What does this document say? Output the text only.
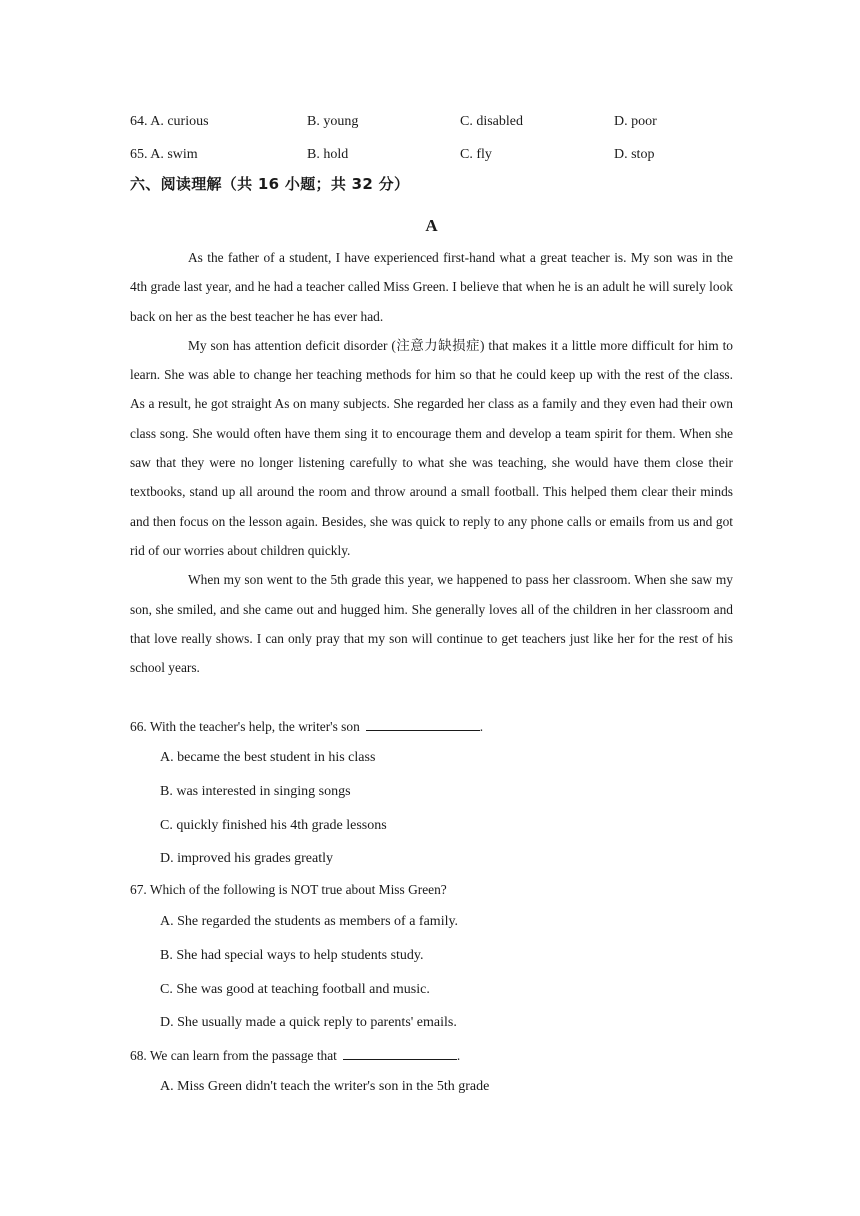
64. A. curious	B. young	C. disabled	D. poor
65. A. swim	B. hold	C. fly	D. stop
六、阅读理解（共 16 小题；共 32 分）
A

As the father of a student, I have experienced first-hand what a great teacher is. My son was in the 4th grade last year, and he had a teacher called Miss Green. I believe that when he is an adult he will surely look back on her as the best teacher he has ever had.

My son has attention deficit disorder (注意力缺损症) that makes it a little more difficult for him to learn. She was able to change her teaching methods for him so that he could keep up with the rest of the class. As a result, he got straight As on many subjects. She regarded her class as a family and they even had their own class song. She would often have them sing it to encourage them and develop a team spirit for them. When she saw that they were no longer listening carefully to what she was teaching, she would have them close their textbooks, stand up all around the room and throw around a small football. This helped them clear their minds and then focus on the lesson again. Besides, she was quick to reply to any phone calls or emails from us and got rid of our worries about children quickly.

When my son went to the 5th grade this year, we happened to pass her classroom. When she saw my son, she smiled, and she came out and hugged him. She generally loves all of the children in her classroom and that love really shows. I can only pray that my son will continue to get teachers just like her for the rest of his school years.

66. With the teacher's help, the writer's son	.
A. became the best student in his class
B. was interested in singing songs
C. quickly finished his 4th grade lessons
D. improved his grades greatly
67. Which of the following is NOT true about Miss Green?
A. She regarded the students as members of a family.
B. She had special ways to help students study.
C. She was good at teaching football and music.
D. She usually made a quick reply to parents' emails.
68. We can learn from the passage that	.
A. Miss Green didn't teach the writer's son in the 5th grade
